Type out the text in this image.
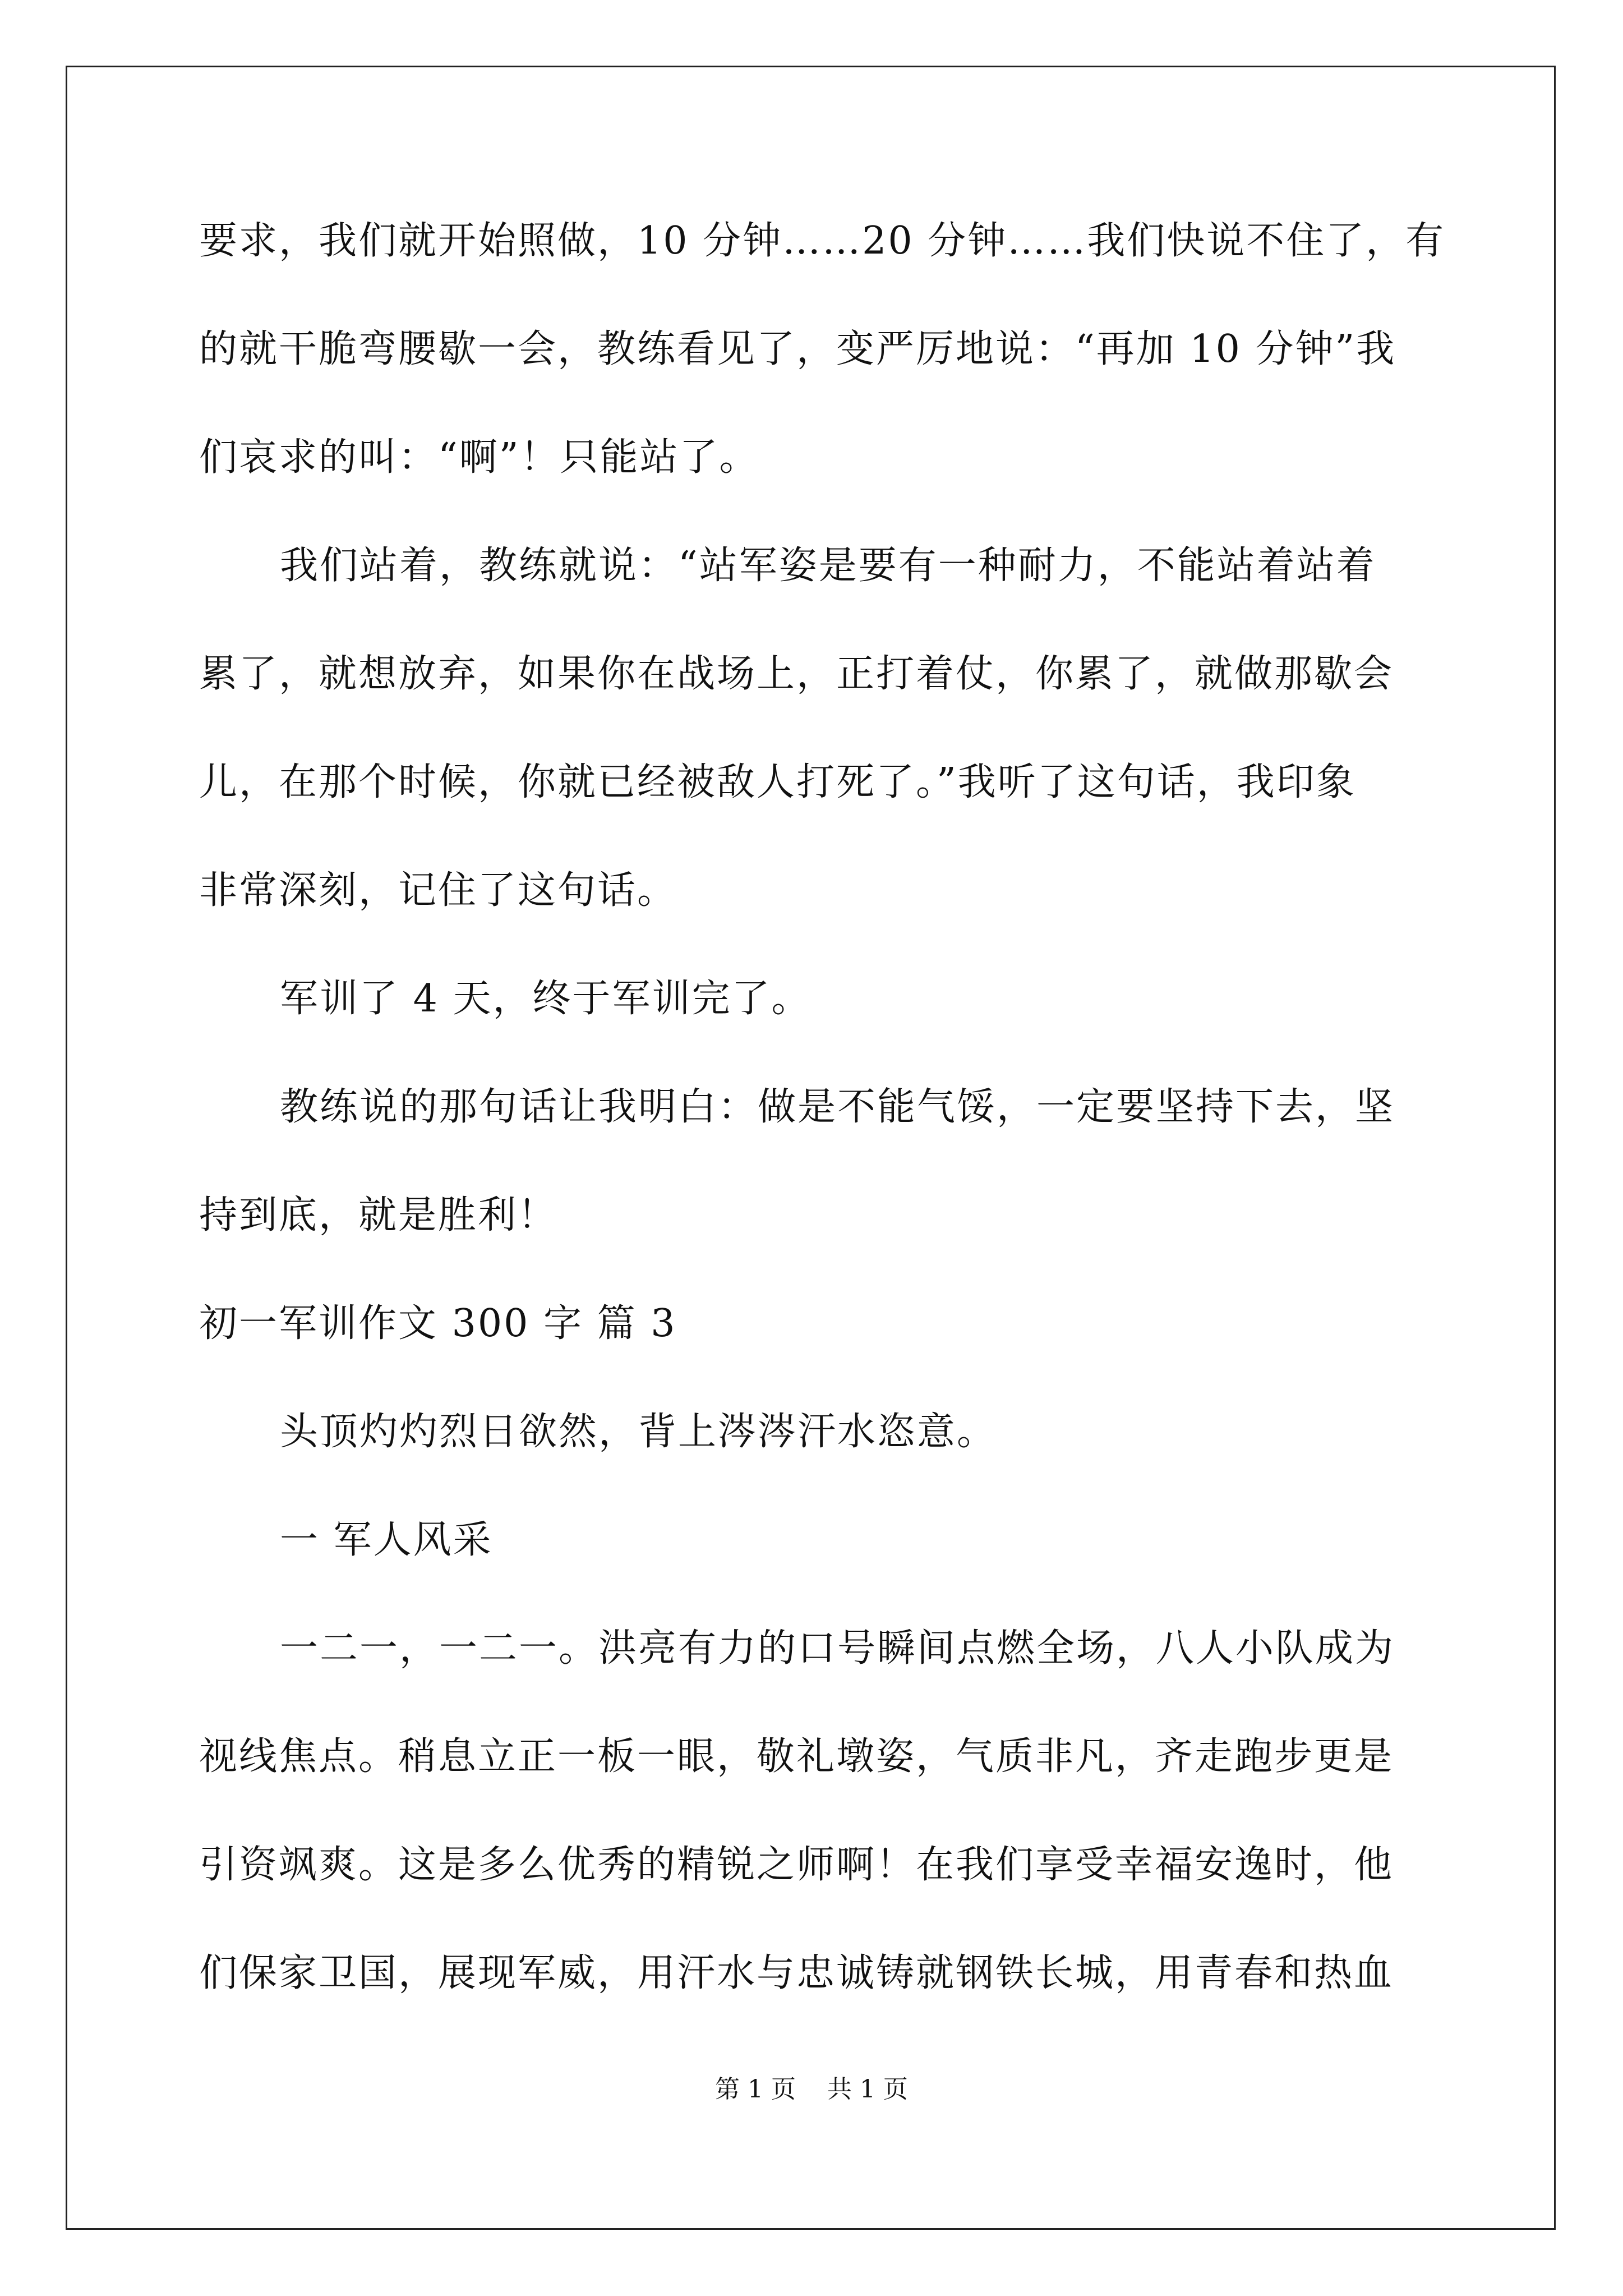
要求，我们就开始照做，10 分钟……20 分钟……我们快说不住了，有
的就干脆弯腰歇一会，教练看见了，变严厉地说：“再加 10 分钟”我
们哀求的叫：“啊”！只能站了。
我们站着，教练就说：“站军姿是要有一种耐力，不能站着站着
累了，就想放弃，如果你在战场上，正打着仗，你累了，就做那歇会
儿，在那个时候，你就已经被敌人打死了。”我听了这句话，我印象
非常深刻，记住了这句话。
军训了 4 天，终于军训完了。
教练说的那句话让我明白：做是不能气馁，一定要坚持下去，坚
持到底，就是胜利！
初一军训作文 300 字 篇 3
头顶灼灼烈日欲然，背上涔涔汗水恣意。
一 军人风采
一二一，一二一。洪亮有力的口号瞬间点燃全场，八人小队成为
视线焦点。稍息立正一板一眼，敬礼墩姿，气质非凡，齐走跑步更是
引资飒爽。这是多么优秀的精锐之师啊！在我们享受幸福安逸时，他
们保家卫国，展现军威，用汗水与忠诚铸就钢铁长城，用青春和热血
第 1 页    共 1 页
